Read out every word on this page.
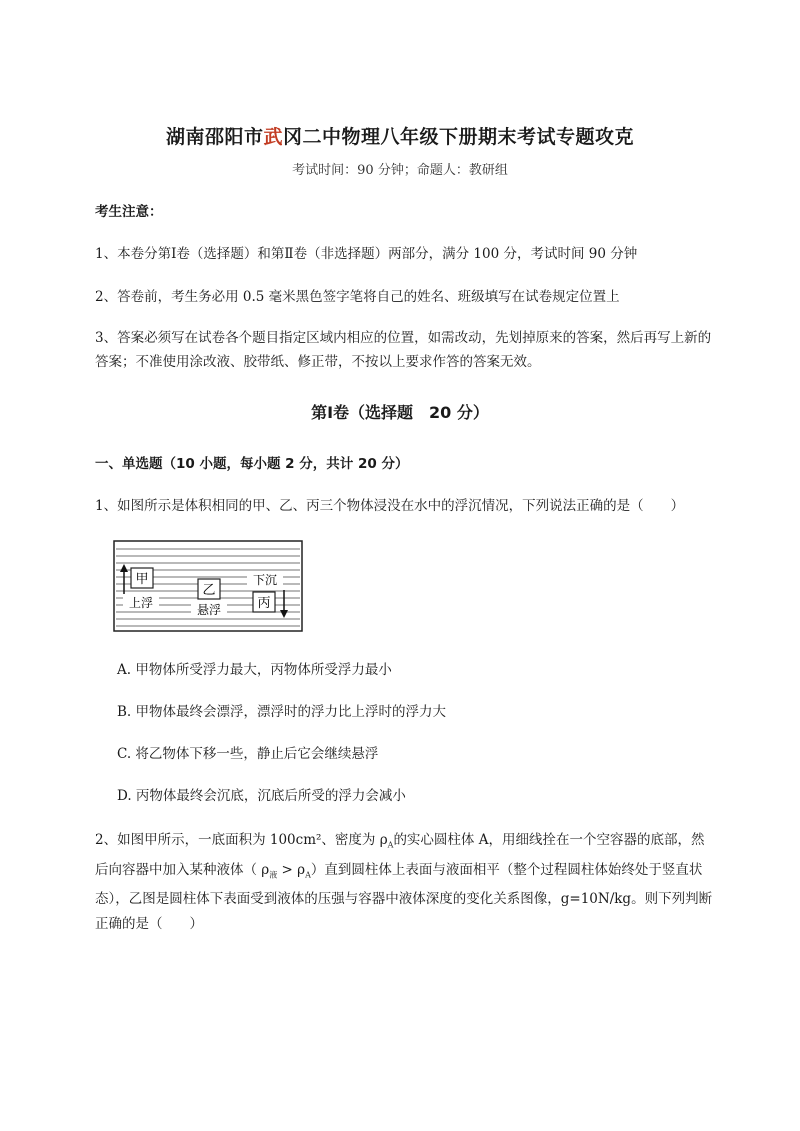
湖南邵阳市武冈二中物理八年级下册期末考试专题攻克
考试时间：90 分钟；命题人：教研组
考生注意：
1、本卷分第Ⅰ卷（选择题）和第Ⅱ卷（非选择题）两部分，满分 100 分，考试时间 90 分钟
2、答卷前，考生务必用 0.5 毫米黑色签字笔将自己的姓名、班级填写在试卷规定位置上
3、答案必须写在试卷各个题目指定区域内相应的位置，如需改动，先划掉原来的答案，然后再写上新的答案；不准使用涂改液、胶带纸、修正带，不按以上要求作答的答案无效。
第Ⅰ卷（选择题　20 分）
一、单选题（10 小题，每小题 2 分，共计 20 分）
1、如图所示是体积相同的甲、乙、丙三个物体浸没在水中的浮沉情况，下列说法正确的是（　　）
甲
上浮
乙
悬浮
下沉
丙
A. 甲物体所受浮力最大，丙物体所受浮力最小
B. 甲物体最终会漂浮，漂浮时的浮力比上浮时的浮力大
C. 将乙物体下移一些，静止后它会继续悬浮
D. 丙物体最终会沉底，沉底后所受的浮力会减小
2、如图甲所示，一底面积为 100cm²、密度为 $\rho_A$的实心圆柱体 A，用细线拴在一个空容器的底部，然
后向容器中加入某种液体（ $\rho_液 > \rho_A$）直到圆柱体上表面与液面相平（整个过程圆柱体始终处于竖直状
态），乙图是圆柱体下表面受到液体的压强与容器中液体深度的变化关系图像，g=10N/kg。则下列判断
正确的是（　　）
